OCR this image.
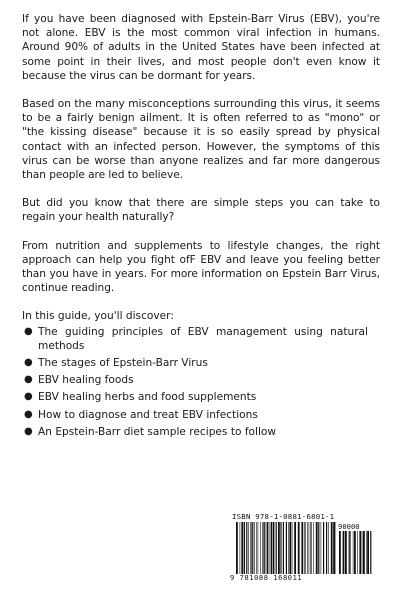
If you have been diagnosed with Epstein-Barr Virus (EBV), you're not alone. EBV is the most common viral infection in humans. Around 90% of adults in the United States have been infected at some point in their lives, and most people don't even know it because the virus can be dormant for years.

Based on the many misconceptions surrounding this virus, it seems to be a fairly benign ailment. It is often referred to as "mono" or "the kissing disease" because it is so easily spread by physical contact with an infected person. However, the symptoms of this virus can be worse than anyone realizes and far more dangerous than people are led to believe.

But did you know that there are simple steps you can take to regain your health naturally?

From nutrition and supplements to lifestyle changes, the right approach can help you fight ofF EBV and leave you feeling better than you have in years. For more information on Epstein Barr Virus, continue reading.

In this guide, you'll discover:

● The guiding principles of EBV management using natural methods
● The stages of Epstein-Barr Virus
● EBV healing foods
● EBV healing herbs and food supplements
● How to diagnose and treat EBV infections
● An Epstein-Barr diet sample recipes to follow
ISBN 978-1-0881-6801-1
90000
9 781088 168011
